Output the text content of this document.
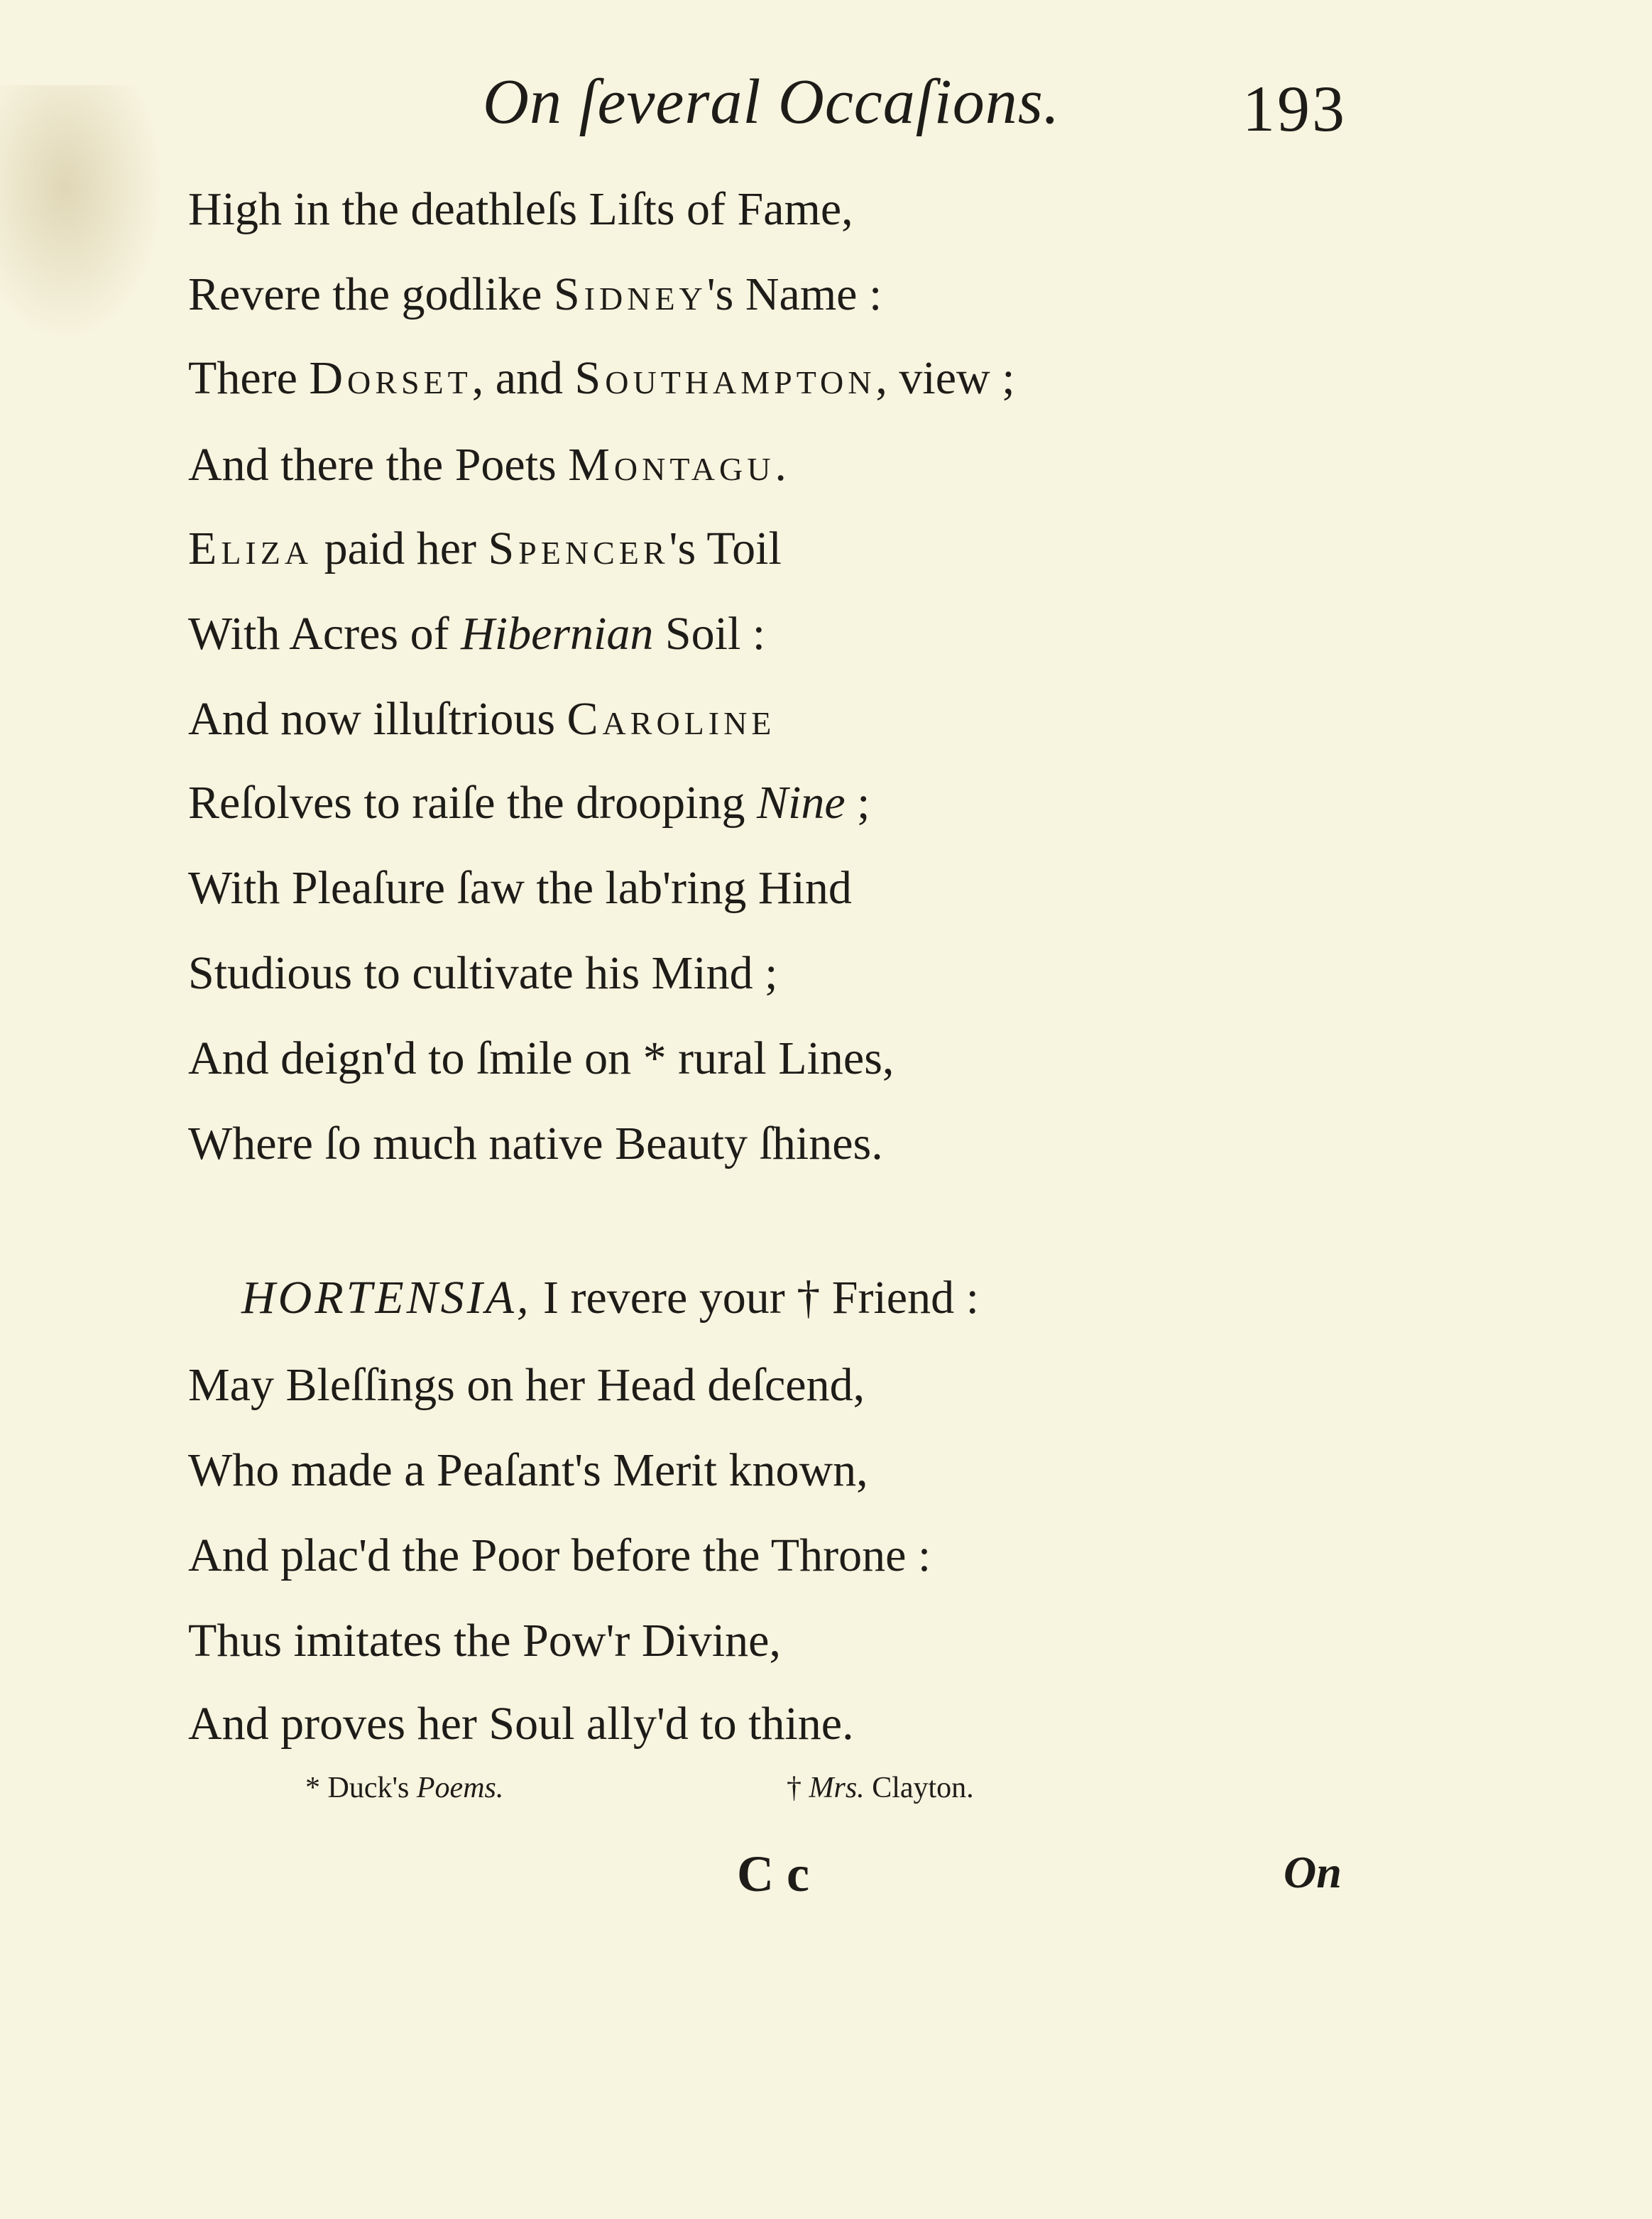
On ſeveral Occaſions.	193
High in the deathleſs Liſts of Fame,
Revere the godlike Sidney's Name :
There Dorset, and Southampton, view ;
And there the Poets Montagu.
Eliza paid her Spencer's Toil
With Acres of Hibernian Soil :
And now illuſtrious Caroline
Reſolves to raiſe the drooping Nine ;
With Pleaſure ſaw the lab'ring Hind
Studious to cultivate his Mind ;
And deign'd to ſmile on * rural Lines,
Where ſo much native Beauty ſhines.
HORTENSIA, I revere your † Friend :
May Bleſſings on her Head deſcend,
Who made a Peaſant's Merit known,
And plac'd the Poor before the Throne :
Thus imitates the Pow'r Divine,
And proves her Soul ally'd to thine.
* Duck's Poems.	† Mrs. Clayton.
C c	On
